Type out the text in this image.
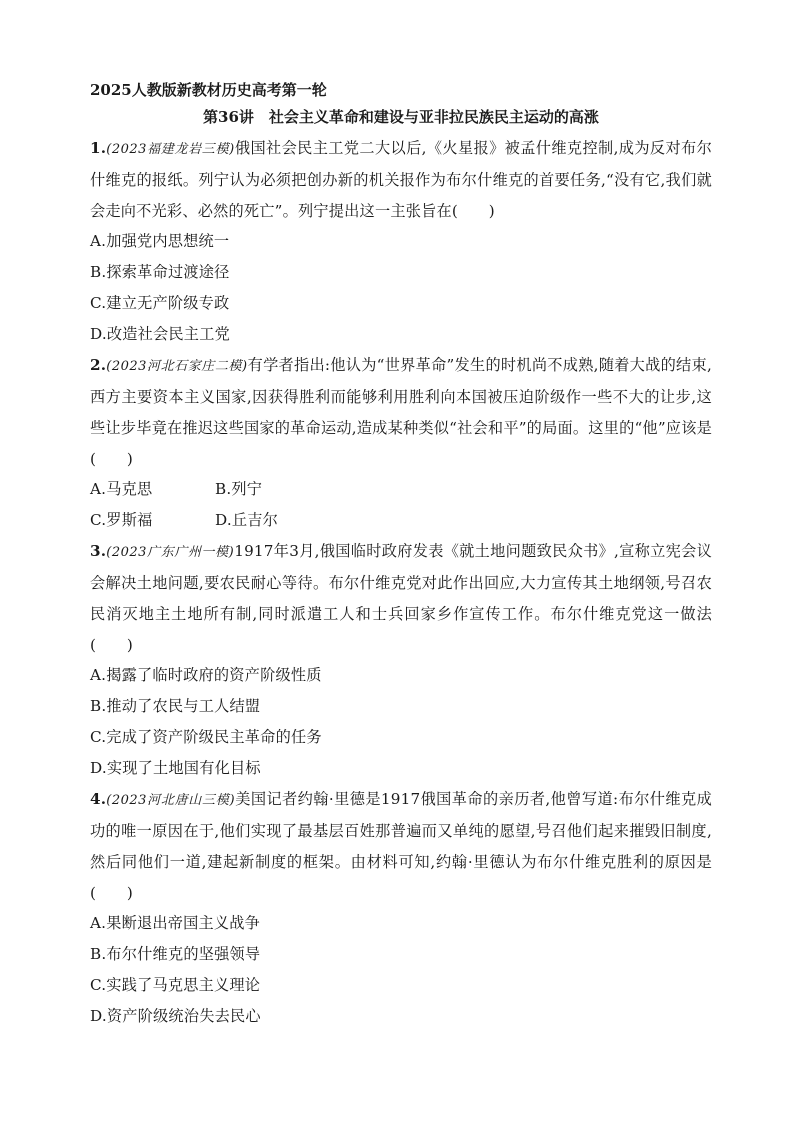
2025人教版新教材历史高考第一轮
第36讲　社会主义革命和建设与亚非拉民族民主运动的高涨
1.(2023福建龙岩三模)俄国社会民主工党二大以后,《火星报》被孟什维克控制,成为反对布尔什维克的报纸。列宁认为必须把创办新的机关报作为布尔什维克的首要任务,“没有它,我们就会走向不光彩、必然的死亡”。列宁提出这一主张旨在(　　)
A.加强党内思想统一
B.探索革命过渡途径
C.建立无产阶级专政
D.改造社会民主工党
2.(2023河北石家庄二模)有学者指出:他认为“世界革命”发生的时机尚不成熟,随着大战的结束,西方主要资本主义国家,因获得胜利而能够利用胜利向本国被压迫阶级作一些不大的让步,这些让步毕竟在推迟这些国家的革命运动,造成某种类似“社会和平”的局面。这里的“他”应该是(　　)
A.马克思	B.列宁
C.罗斯福	D.丘吉尔
3.(2023广东广州一模)1917年3月,俄国临时政府发表《就土地问题致民众书》,宣称立宪会议会解决土地问题,要农民耐心等待。布尔什维克党对此作出回应,大力宣传其土地纲领,号召农民消灭地主土地所有制,同时派遣工人和士兵回家乡作宣传工作。布尔什维克党这一做法(　　)
A.揭露了临时政府的资产阶级性质
B.推动了农民与工人结盟
C.完成了资产阶级民主革命的任务
D.实现了土地国有化目标
4.(2023河北唐山三模)美国记者约翰·里德是1917俄国革命的亲历者,他曾写道:布尔什维克成功的唯一原因在于,他们实现了最基层百姓那普遍而又单纯的愿望,号召他们起来摧毁旧制度,然后同他们一道,建起新制度的框架。由材料可知,约翰·里德认为布尔什维克胜利的原因是(　　)
A.果断退出帝国主义战争
B.布尔什维克的坚强领导
C.实践了马克思主义理论
D.资产阶级统治失去民心
